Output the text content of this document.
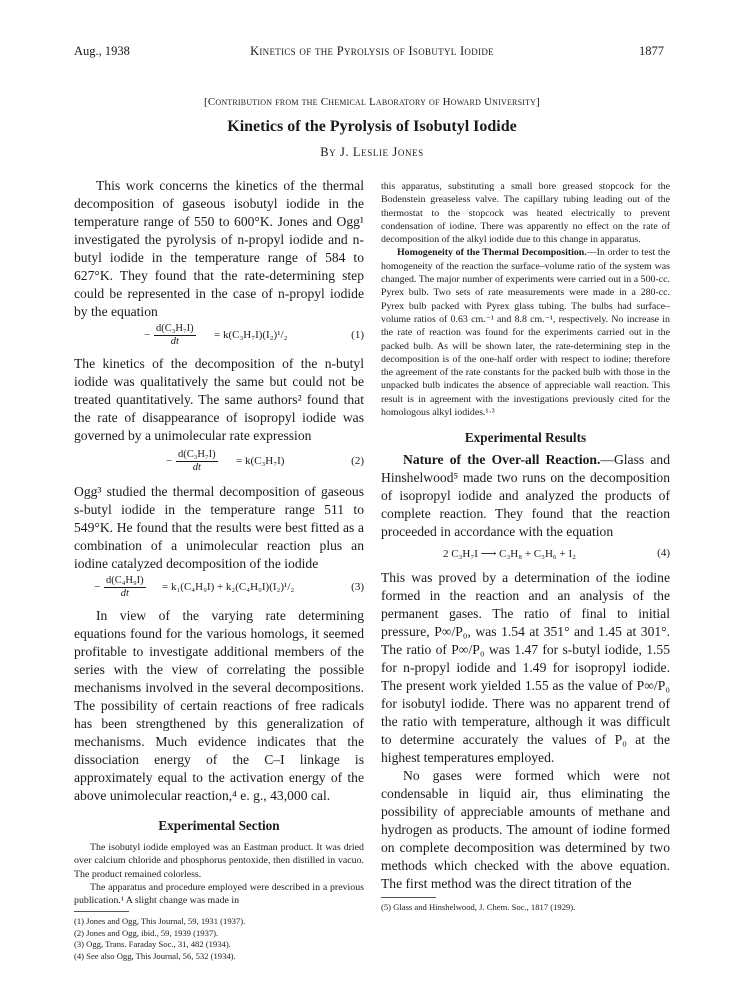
Aug., 1938	Kinetics of the Pyrolysis of Isobutyl Iodide	1877
[Contribution from the Chemical Laboratory of Howard University]
Kinetics of the Pyrolysis of Isobutyl Iodide
By J. Leslie Jones

This work concerns the kinetics of the thermal decomposition of gaseous isobutyl iodide in the temperature range of 550 to 600°K. Jones and Ogg¹ investigated the pyrolysis of n-propyl iodide and n-butyl iodide in the temperature range of 584 to 627°K. They found that the rate-determining step could be represented in the case of n-propyl iodide by the equation

− $\frac{\text{d(C₃H₇I)}}{dt} = k(C_3H_7I)(I_2)^1/_2$	(1)

The kinetics of the decomposition of the n-butyl iodide was qualitatively the same but could not be treated quantitatively. The same authors² found that the rate of disappearance of isopropyl iodide was governed by a unimolecular rate expression

− $\frac{\text{d(C₃H₇I)}}{dt} = k(C_3H_7I)$	(2)

Ogg³ studied the thermal decomposition of gaseous s-butyl iodide in the temperature range 511 to 549°K. He found that the results were best fitted as a combination of a unimolecular reaction plus an iodine catalyzed decomposition of the iodide

− $\frac{\text{d(C₄H₉I)}}{dt} = k_1(C_4H_9I) + k_2(C_4H_9I)(I_2)^1/_2$	(3)

In view of the varying rate determining equations found for the various homologs, it seemed profitable to investigate additional members of the series with the view of correlating the possible mechanisms involved in the several decompositions. The possibility of certain reactions of free radicals has been strengthened by this generalization of mechanisms. Much evidence indicates that the dissociation energy of the C–I linkage is approximately equal to the activation energy of the above unimolecular reaction,⁴ e. g., 43,000 cal.

Experimental Section

The isobutyl iodide employed was an Eastman product. It was dried over calcium chloride and phosphorus pentoxide, then distilled in vacuo. The product remained colorless.

The apparatus and procedure employed were described in a previous publication.¹ A slight change was made in

(1) Jones and Ogg, This Journal, 59, 1931 (1937).

(2) Jones and Ogg, ibid., 59, 1939 (1937).

(3) Ogg, Trans. Faraday Soc., 31, 482 (1934).

(4) See also Ogg, This Journal, 56, 532 (1934).

this apparatus, substituting a small bore greased stopcock for the Bodenstein greaseless valve. The capillary tubing leading out of the thermostat to the stopcock was heated electrically to prevent condensation of iodine. There was apparently no effect on the rate of decomposition of the alkyl iodide due to this change in apparatus.

Homogeneity of the Thermal Decomposition.—In order to test the homogeneity of the reaction the surface–volume ratio of the system was changed. The major number of experiments were carried out in a 500-cc. Pyrex bulb. Two sets of rate measurements were made in a 280-cc. Pyrex bulb packed with Pyrex glass tubing. The bulbs had surface–volume ratios of 0.63 cm.⁻¹ and 8.8 cm.⁻¹, respectively. No increase in the rate of reaction was found for the experiments carried out in the packed bulb. As will be shown later, the rate-determining step in the decomposition is of the one-half order with respect to iodine; therefore the agreement of the rate constants for the packed bulb with those in the unpacked bulb indicates the absence of appreciable wall reaction. This result is in agreement with the investigations previously cited for the homologous alkyl iodides.¹·³

Experimental Results

Nature of the Over-all Reaction.—Glass and Hinshelwood⁵ made two runs on the decomposition of isopropyl iodide and analyzed the products of complete reaction. They found that the reaction proceeded in accordance with the equation

2 C₃H₇I ⟶ C₃H₈ + C₃H₆ + I₂	(4)

This was proved by a determination of the iodine formed in the reaction and an analysis of the permanent gases. The ratio of final to initial pressure, P∞/P₀, was 1.54 at 351° and 1.45 at 301°. The ratio of P∞/P₀ was 1.47 for s-butyl iodide, 1.55 for n-propyl iodide and 1.49 for isopropyl iodide. The present work yielded 1.55 as the value of P∞/P₀ for isobutyl iodide. There was no apparent trend of the ratio with temperature, although it was difficult to determine accurately the values of P₀ at the highest temperatures employed.

No gases were formed which were not condensable in liquid air, thus eliminating the possibility of appreciable amounts of methane and hydrogen as products. The amount of iodine formed on complete decomposition was determined by two methods which checked with the above equation. The first method was the direct titration of the

(5) Glass and Hinshelwood, J. Chem. Soc., 1817 (1929).
